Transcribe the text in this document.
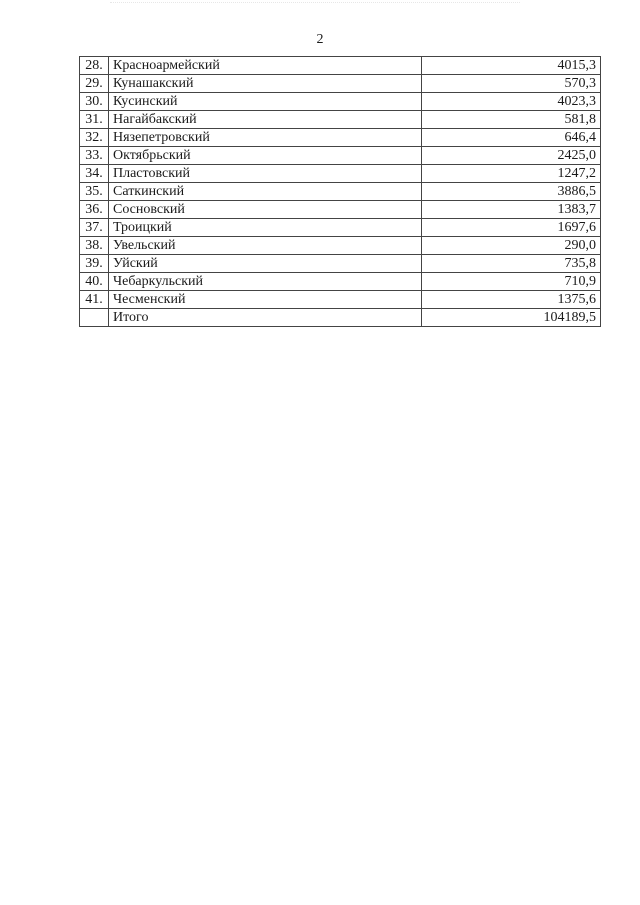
2
28.	Красноармейский	4015,3
29.	Кунашакский	570,3
30.	Кусинский	4023,3
31.	Нагайбакский	581,8
32.	Нязепетровский	646,4
33.	Октябрьский	2425,0
34.	Пластовский	1247,2
35.	Саткинский	3886,5
36.	Сосновский	1383,7
37.	Троицкий	1697,6
38.	Увельский	290,0
39.	Уйский	735,8
40.	Чебаркульский	710,9
41.	Чесменский	1375,6
	Итого	104189,5
